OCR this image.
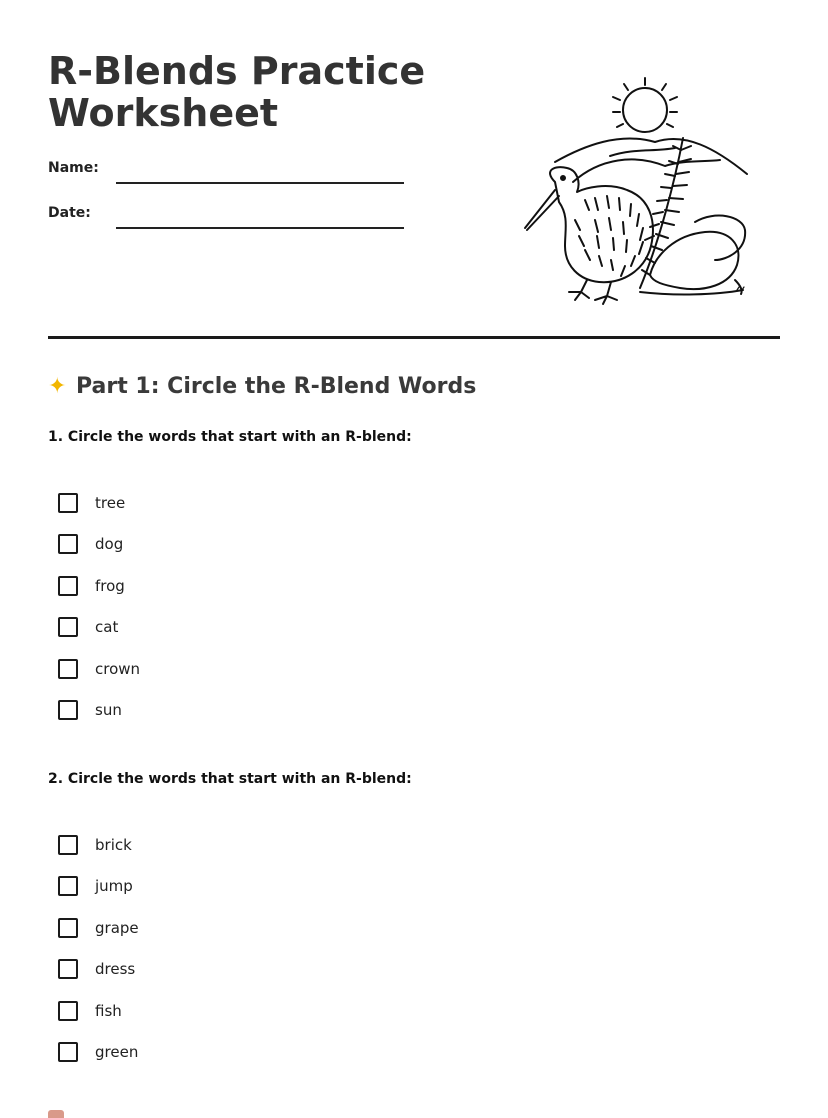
R-Blends Practice Worksheet
Name:
Date:
✦ Part 1: Circle the R-Blend Words

1. Circle the words that start with an R-blend:

tree
dog
frog
cat
crown
sun

2. Circle the words that start with an R-blend:

brick
jump
grape
dress
fish
green
